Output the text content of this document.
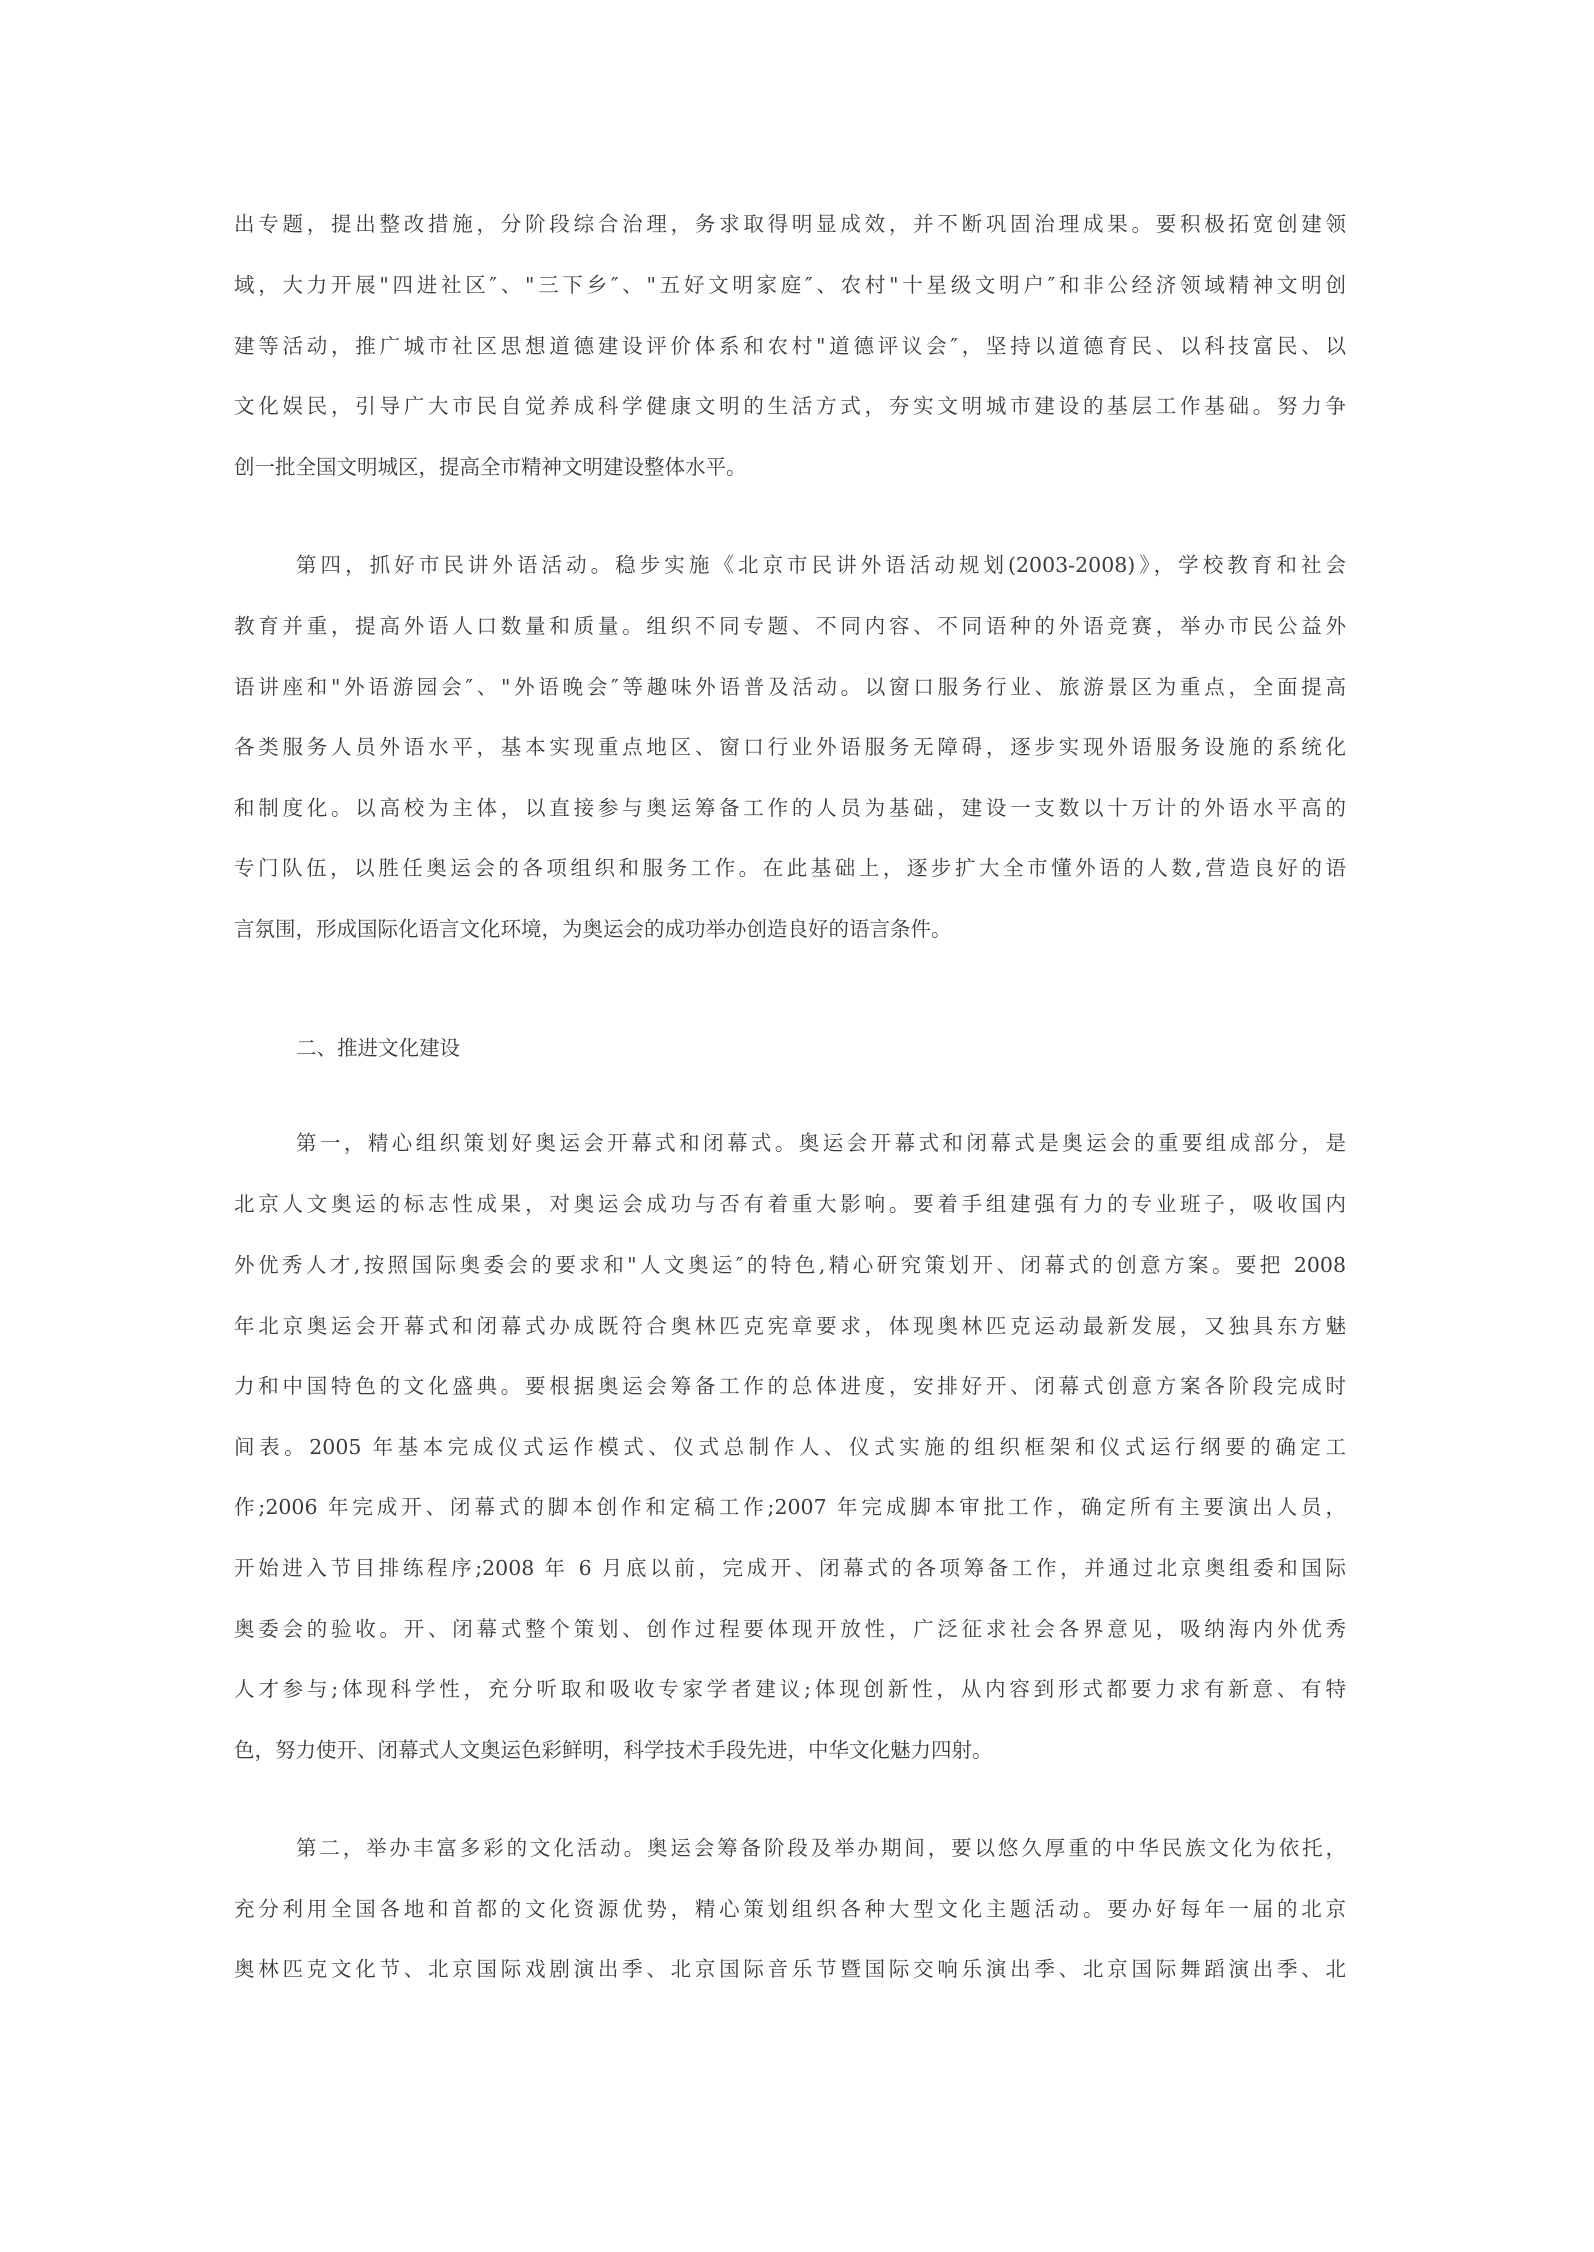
出专题，提出整改措施，分阶段综合治理，务求取得明显成效，并不断巩固治理成果。要积极拓宽创建领
域，大力开展"四进社区″、"三下乡″、"五好文明家庭″、农村"十星级文明户″和非公经济领域精神文明创
建等活动，推广城市社区思想道德建设评价体系和农村"道德评议会″，坚持以道德育民、以科技富民、以
文化娱民，引导广大市民自觉养成科学健康文明的生活方式，夯实文明城市建设的基层工作基础。努力争
创一批全国文明城区，提高全市精神文明建设整体水平。
第四，抓好市民讲外语活动。稳步实施《北京市民讲外语活动规划(2003-2008)》，学校教育和社会
教育并重，提高外语人口数量和质量。组织不同专题、不同内容、不同语种的外语竞赛，举办市民公益外
语讲座和"外语游园会″、"外语晚会″等趣味外语普及活动。以窗口服务行业、旅游景区为重点，全面提高
各类服务人员外语水平，基本实现重点地区、窗口行业外语服务无障碍，逐步实现外语服务设施的系统化
和制度化。以高校为主体，以直接参与奥运筹备工作的人员为基础，建设一支数以十万计的外语水平高的
专门队伍，以胜任奥运会的各项组织和服务工作。在此基础上，逐步扩大全市懂外语的人数,营造良好的语
言氛围，形成国际化语言文化环境，为奥运会的成功举办创造良好的语言条件。
二、推进文化建设
第一，精心组织策划好奥运会开幕式和闭幕式。奥运会开幕式和闭幕式是奥运会的重要组成部分，是
北京人文奥运的标志性成果，对奥运会成功与否有着重大影响。要着手组建强有力的专业班子，吸收国内
外优秀人才,按照国际奥委会的要求和"人文奥运″的特色,精心研究策划开、闭幕式的创意方案。要把 2008
年北京奥运会开幕式和闭幕式办成既符合奥林匹克宪章要求，体现奥林匹克运动最新发展，又独具东方魅
力和中国特色的文化盛典。要根据奥运会筹备工作的总体进度，安排好开、闭幕式创意方案各阶段完成时
间表。2005 年基本完成仪式运作模式、仪式总制作人、仪式实施的组织框架和仪式运行纲要的确定工
作;2006 年完成开、闭幕式的脚本创作和定稿工作;2007 年完成脚本审批工作，确定所有主要演出人员，
开始进入节目排练程序;2008 年 6 月底以前，完成开、闭幕式的各项筹备工作，并通过北京奥组委和国际
奥委会的验收。开、闭幕式整个策划、创作过程要体现开放性，广泛征求社会各界意见，吸纳海内外优秀
人才参与;体现科学性，充分听取和吸收专家学者建议;体现创新性，从内容到形式都要力求有新意、有特
色，努力使开、闭幕式人文奥运色彩鲜明，科学技术手段先进，中华文化魅力四射。
第二，举办丰富多彩的文化活动。奥运会筹备阶段及举办期间，要以悠久厚重的中华民族文化为依托，
充分利用全国各地和首都的文化资源优势，精心策划组织各种大型文化主题活动。要办好每年一届的北京
奥林匹克文化节、北京国际戏剧演出季、北京国际音乐节暨国际交响乐演出季、北京国际舞蹈演出季、北
